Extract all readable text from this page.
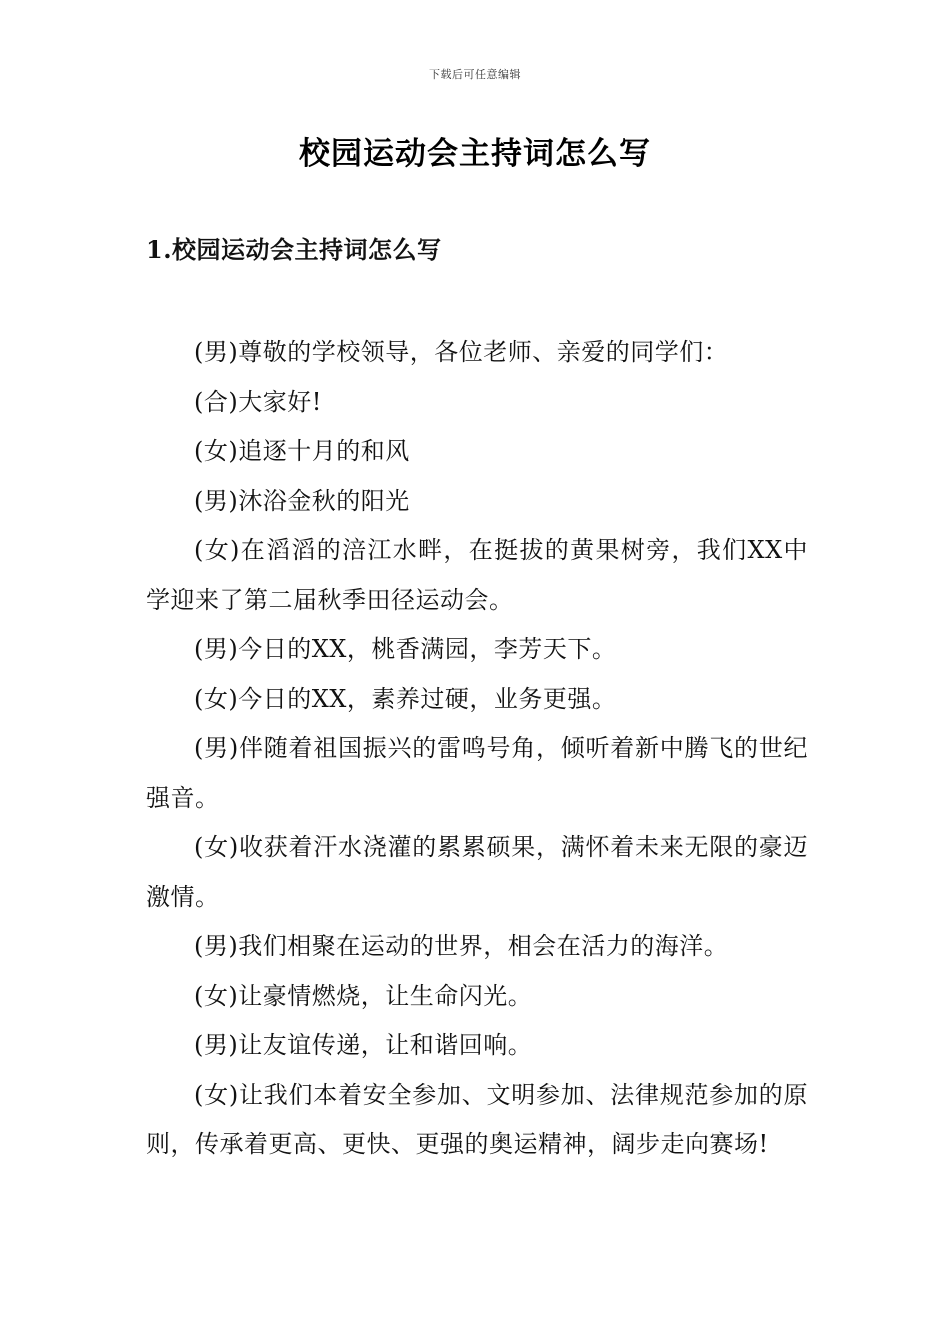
下载后可任意编辑
校园运动会主持词怎么写
1.校园运动会主持词怎么写

(男)尊敬的学校领导，各位老师、亲爱的同学们：

(合)大家好!

(女)追逐十月的和风

(男)沐浴金秋的阳光

(女)在滔滔的涪江水畔，在挺拔的黄果树旁，我们XX中学迎来了第二届秋季田径运动会。

(男)今日的XX，桃香满园，李芳天下。

(女)今日的XX，素养过硬，业务更强。

(男)伴随着祖国振兴的雷鸣号角，倾听着新中腾飞的世纪强音。

(女)收获着汗水浇灌的累累硕果，满怀着未来无限的豪迈激情。

(男)我们相聚在运动的世界，相会在活力的海洋。

(女)让豪情燃烧，让生命闪光。

(男)让友谊传递，让和谐回响。

(女)让我们本着安全参加、文明参加、法律规范参加的原则，传承着更高、更快、更强的奥运精神，阔步走向赛场!
